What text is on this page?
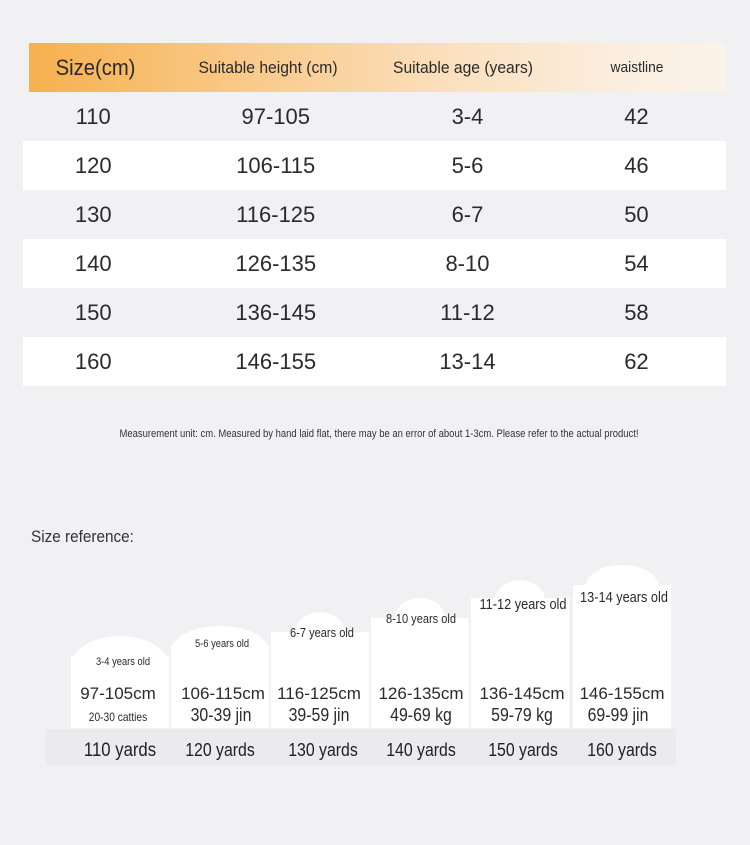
Size(cm)	Suitable height (cm)	Suitable age (years)	waistline
110	97-105	3-4	42
120	106-115	5-6	46
130	116-125	6-7	50
140	126-135	8-10	54
150	136-145	11-12	58
160	146-155	13-14	62
Measurement unit: cm. Measured by hand laid flat, there may be an error of about 1-3cm. Please refer to the actual product!
Size reference:
3-4 years old
97-105cm
20-30 catties
110 yards
5-6 years old
106-115cm
30-39 jin
120 yards
6-7 years old
116-125cm
39-59 jin
130 yards
8-10 years old
126-135cm
49-69 kg
140 yards
11-12 years old
136-145cm
59-79 kg
150 yards
13-14 years old
146-155cm
69-99 jin
160 yards
